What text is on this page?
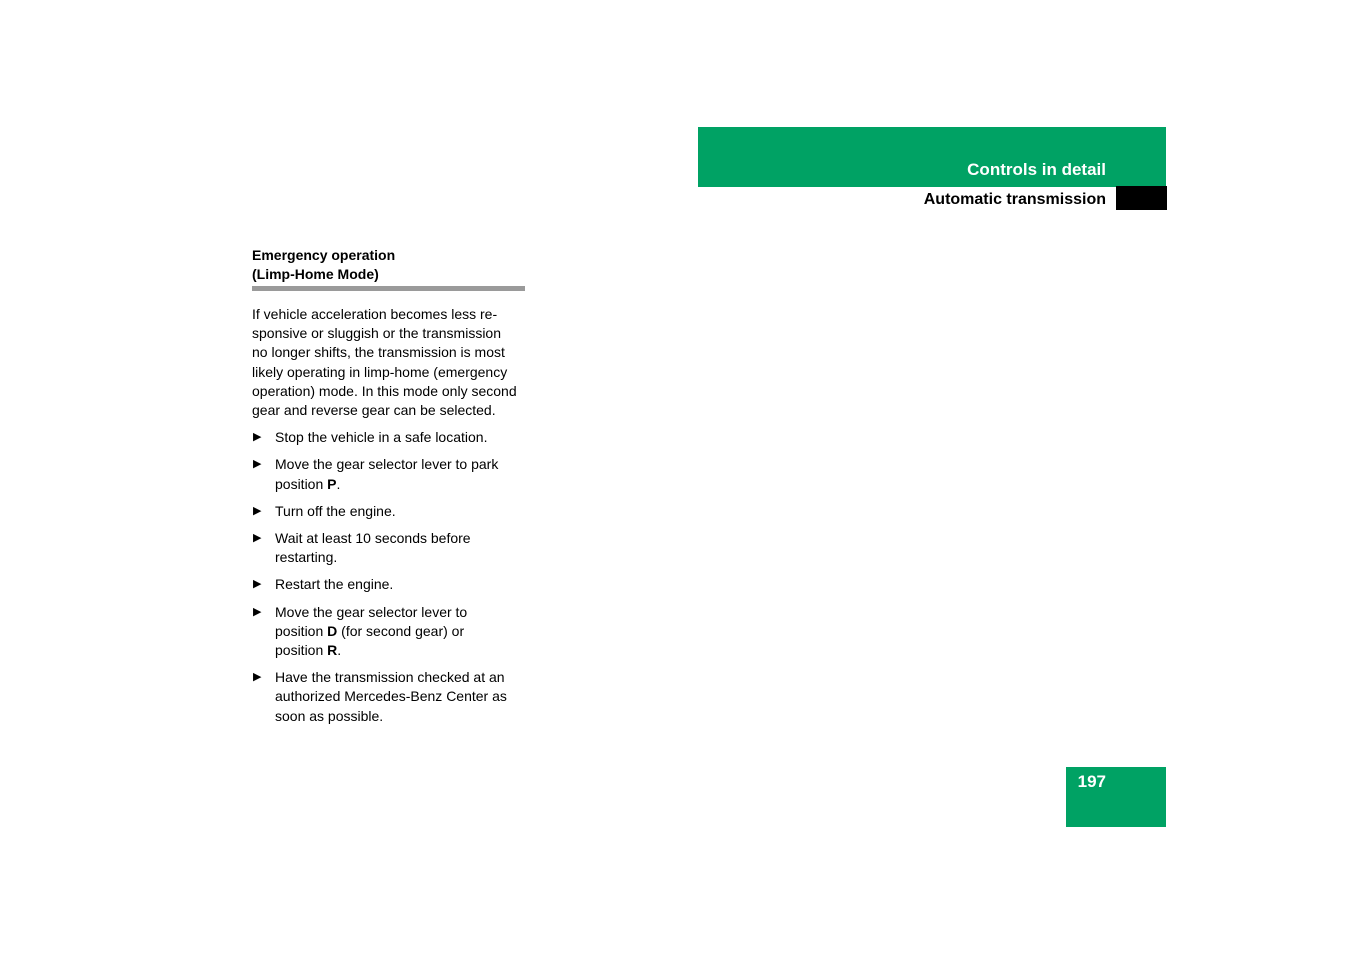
Controls in detail
Automatic transmission
Emergency operation
(Limp-Home Mode)

If vehicle acceleration becomes less re-
sponsive or sluggish or the transmission
no longer shifts, the transmission is most
likely operating in limp-home (emergency
operation) mode. In this mode only second
gear and reverse gear can be selected.

▶ Stop the vehicle in a safe location.
▶ Move the gear selector lever to park
position P.
▶ Turn off the engine.
▶ Wait at least 10 seconds before
restarting.
▶ Restart the engine.
▶ Move the gear selector lever to
position D (for second gear) or
position R.
▶ Have the transmission checked at an
authorized Mercedes-Benz Center as
soon as possible.
197
